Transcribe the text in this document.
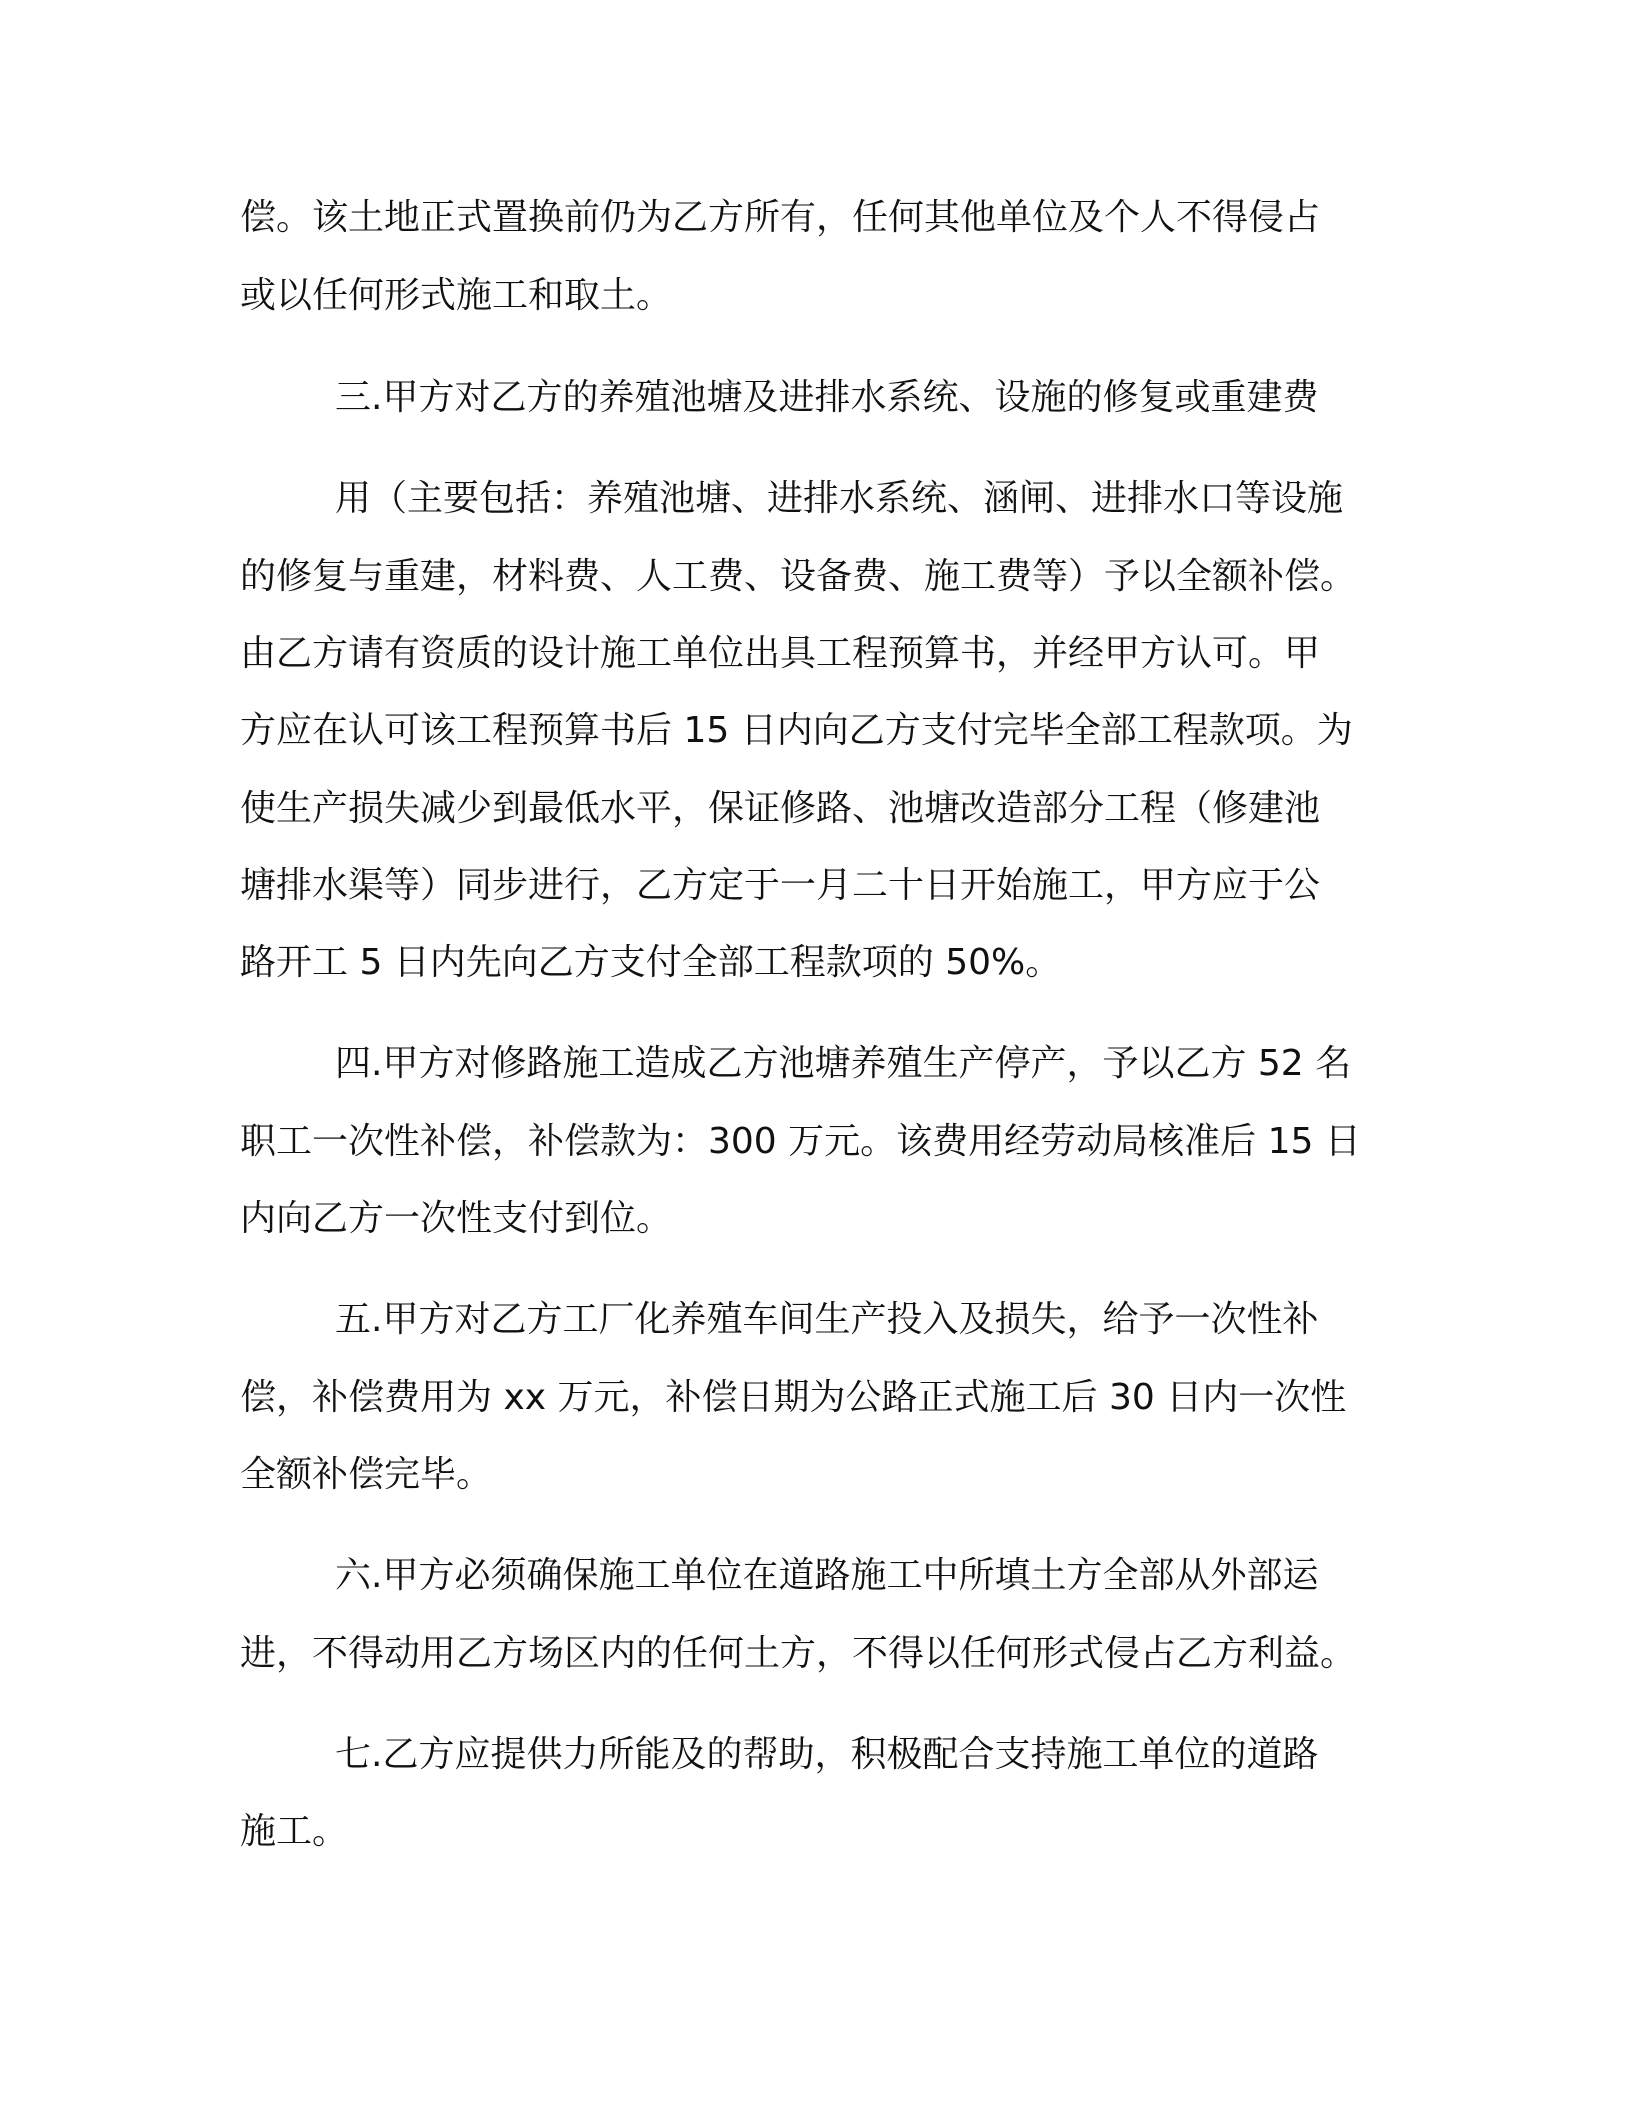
偿。该土地正式置换前仍为乙方所有，任何其他单位及个人不得侵占
或以任何形式施工和取土。
三.甲方对乙方的养殖池塘及进排水系统、设施的修复或重建费
用（主要包括：养殖池塘、进排水系统、涵闸、进排水口等设施
的修复与重建，材料费、人工费、设备费、施工费等）予以全额补偿。
由乙方请有资质的设计施工单位出具工程预算书，并经甲方认可。甲
方应在认可该工程预算书后 15 日内向乙方支付完毕全部工程款项。为
使生产损失减少到最低水平，保证修路、池塘改造部分工程（修建池
塘排水渠等）同步进行，乙方定于一月二十日开始施工，甲方应于公
路开工 5 日内先向乙方支付全部工程款项的 50%。
四.甲方对修路施工造成乙方池塘养殖生产停产，予以乙方 52 名
职工一次性补偿，补偿款为：300 万元。该费用经劳动局核准后 15 日
内向乙方一次性支付到位。
五.甲方对乙方工厂化养殖车间生产投入及损失，给予一次性补
偿，补偿费用为 xx 万元，补偿日期为公路正式施工后 30 日内一次性
全额补偿完毕。
六.甲方必须确保施工单位在道路施工中所填土方全部从外部运
进，不得动用乙方场区内的任何土方，不得以任何形式侵占乙方利益。
七.乙方应提供力所能及的帮助，积极配合支持施工单位的道路
施工。
